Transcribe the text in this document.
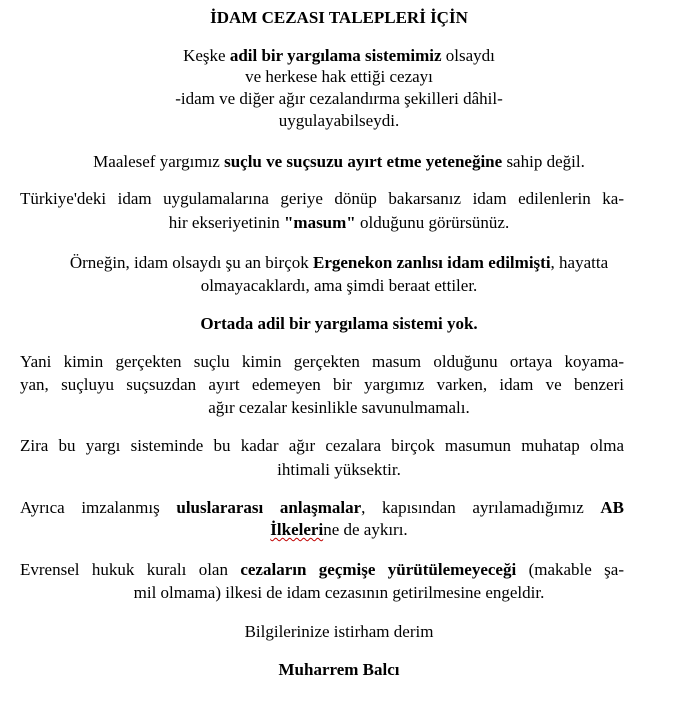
İDAM CEZASI TALEPLERİ İÇİN
Keşke adil bir yargılama sistemimiz olsaydı
ve herkese hak ettiği cezayı
-idam ve diğer ağır cezalandırma şekilleri dâhil-
uygulayabilseydi.
Maalesef yargımız suçlu ve suçsuzu ayırt etme yeteneğine sahip değil.
Türkiye'deki idam uygulamalarına geriye dönüp bakarsanız idam edilenlerin ka-
hir ekseriyetinin "masum" olduğunu görürsünüz.
Örneğin, idam olsaydı şu an birçok Ergenekon zanlısı idam edilmişti, hayatta
olmayacaklardı, ama şimdi beraat ettiler.
Ortada adil bir yargılama sistemi yok.
Yani kimin gerçekten suçlu kimin gerçekten masum olduğunu ortaya koyama-
yan, suçluyu suçsuzdan ayırt edemeyen bir yargımız varken, idam ve benzeri
ağır cezalar kesinlikle savunulmamalı.
Zira bu yargı sisteminde bu kadar ağır cezalara birçok masumun muhatap olma
ihtimali yüksektir.
Ayrıca imzalanmış uluslararası anlaşmalar, kapısından ayrılamadığımız AB
İlkelerine de aykırı.
Evrensel hukuk kuralı olan cezaların geçmişe yürütülemeyeceği (makable şa-
mil olmama) ilkesi de idam cezasının getirilmesine engeldir.
Bilgilerinize istirham derim
Muharrem Balcı
